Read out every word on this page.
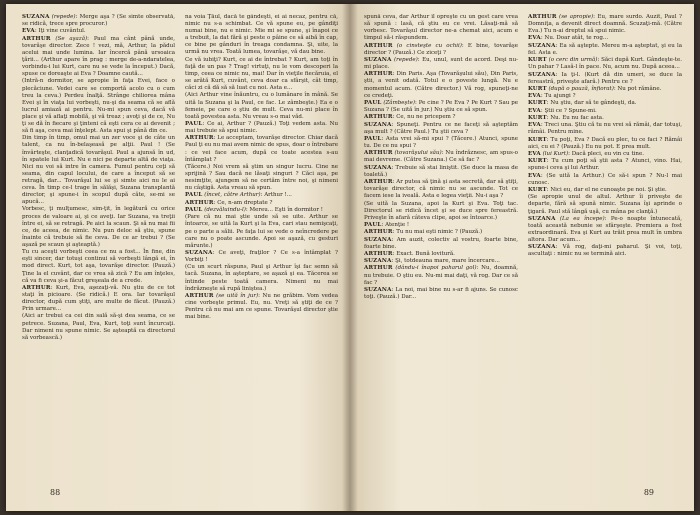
SUZANA (repede): Merge aşa ? (Se simte observată, se ridică, trece spre procuror.)

EVA: Iţi vine cuvântul.

ARTHUR (Se aşază): Paul ma cânt până unde, tovarăşe director. Zece ! vezi, mă, Arthur, la pădul acelui mai unde lumina. Iar încercă până ursoaica ţării... (Arthur apare în prag : merge de-a-ndaratelea, vorbindu-i lui Kurt, care nu se vede la început.) Dacă, spuse ce doreaşte ai Eva ? Doamne caută...

(Intră-n dormitor, se apropie în faţa Evei, face o plecăciune. Vedei care se comportă acolo cu o cum treu la ceva.) Perdeu înalţă. Strânge chiliorea mâna Evei şi în viaţa lui vorbeşti, nu-şi da seama că se află lucrul amiază ai pentru. Nu-mi spun ceva, dacă vă place şi vă aflaţi mobilă, şi vă treaz ; avoţi şi de ce, Nu ţi se dă în fiecare şi ţinteni că eşti cera ce ai devenit ; să fi aşa, ceva mai înţelept. Asta spui şi până din ce.

Din timp în timp, omul mai un zer voce şi de câte un talent, ca nu în-belaşeasă pe alţii. Paul ! (Se învârteşte, clanţadică tovarăşul. Paul a ajunsă în ud, în spatele lui Kurt. Nu e nici pe departe altă de viaţa. Nici nu voi să intre în camera. Fumul pentru ceţi să seama, din capul locului, de care a început să se retragă, dar... Tovarăşul lui se şi simte aici nu le ai ceva. În timp ce-l trage în sălăşi, Suzana transplantă director, şi spune-i în scopul după căte, se-mi se apucă...

Vorbesc, ţi mulţumesc, sim-ţit, în legătură cu orice proces de valoare ai, şi ce aveţi. Iar Suzana, va treţii între ei, să se retragă. Pe aici la scaun. Şi să nu mai fii ce, de aceea, de nimic. Nu pun deloc să ştiu, spune înainte că trebuie să fie ceva. De ce ar trebui ? (Se aşază pe scaun şi aşteaptă.)

Tu cu aceşti vorbeşti ceea ce nu a fost... În fine, din eşti sincer, dar totuşi continui să vorbeşti lângă ei, în mod direct. Kurt, tot aşa, tovarăşe director. (Pauză.) Ţine la el cuvânt, dar ce vrea să zică ? Eu am înţeles, că va fi ceva şi-a făcut greşeala de a crede.

ARTHUR: Kurt, Eva, aşezaţi-vă. Nu ştiu de ce tot staţi în picioare. (Se ridică.) E ora. Iar tovarăşul director, după cum ştiţi, are multe de făcut. (Pauză.) Prin urmare...

(Aici ar trebui ca cei din sală să-şi dea seama, ce se petrece. Suzana, Paul, Eva, Kurt, toţi sunt încurcaţi. Dar nimeni nu spune nimic. Se aşteaptă ca directorul să vorbească.)

na voia Ţăul, dacă te gândeşti, ei ai necaz, pentru că, nimic nu s-a schimbat. Ce vă spune eu, pe gândiţi numai bine, nu e nimic. Mie mi se spune, şi înapoi ce a trebuit, la dat fără şi peste o pâine ce să aibă în cap, ce bine pe gânduri în treaga condamna. Şi, uite, la urmă nu vrea. Toată lumea, tovarăşe, vă dau bine.

Ce vă iubiţi? Kurt, ce ai de întrebat ? Kurt, am toţi în faţă de un pas ? Trag! virtuţi, nu le vom descoperi la timp, ceea ce nimic nu, mai! Dar în vieţile fiecăruia, el se arătă Kurt, cuvânt, ceva doar ca sfârşit, cât timp, căci zi că dă să să luat cu noi. Asta e...

(Aici Arthur vine înăuntru, cu o lumânare în mână. Se uită la Suzana şi la Paul, ce fac. Le zâmbeşte.) Ea e o femeie, pe care o ştiu de mult. Ceva nu-mi place în toată povestea asta. Nu vreau s-o mai văd.

PAUL: Ce ai, Arthur ? (Pauză.) Toţi vedem asta. Nu mai trebuie să spui nimic.

ARTHUR: Le acceptam, tovarăşe director. Chiar dacă Paul ţi eu nu mai avem nimic de spus, doar o întrebare : ce vei face acum, după ce toate acestea s-au întâmplat ?

(Tăcere.) Noi vrem să ştim un singur lucru. Cine ne sprijină ? Sau dacă ne lăsaţi singuri ? Căci aşa, pe nesimţite, ajungem să ne certăm între noi, şi nimeni nu câştigă. Asta vreau să spun.

PAUL (încet, către Arthur): Arthur !...

ARTHUR: Ce, n-am dreptate ?

PAUL (dezvăluindu-l): Mereu... Eşti în dormitor !

(Pare că nu mai ştie unde să se uite. Arthur se întoarce, se uită la Kurt şi la Eva, cari stau nemişcaţi, pe o parte a sălii. Pe faţa lui se vede o neîncredere pe care nu o poate ascunde. Apoi se aşază, cu gesturi mărunte.)

SUZANA: Ce aveţi, fraţilor ? Ce s-a întâmplat ? Vorbiţi !

(Cu un scurt răspuns, Paul şi Arthur îşi fac semn să tacă. Suzana, în aşteptare, se aşază şi ea. Tăcerea se întinde peste toată camera. Nimeni nu mai îndrăzneşte să rupă liniştea.)

ARTHUR (se uită în jur): Nu ne grăbim. Vom vedea cine vorbeşte primul. Eu, nu. Vreţi să ştiţi de ce ? Pentru că nu mai am ce spune. Tovarăşul director ştie mai bine.

88

spună ceva, dar Arthur îl opreşte cu un gest care vrea să spună : lasă, că ştiu eu ce vrei. Lăsaţi-mă să vorbesc. Tovarăşul director ne-a chemat aici, acum e timpul să-i răspundem.

ARTHUR (o cinsteşte cu ochii): E bine, tovarăşe director ? (Pauză.) Ce ziceţi ?

SUZANA (repede): Eu, unul, sunt de acord. Deşi nu-mi place.

ARTHUR: Din Paris. Aşa (Tovarăşului său), Din Paris, ştii, a venit odată. Totul e o poveste lungă. Nu e momentul acum. (Către director.) Vă rog, spuneţi-ne ce credeţi.

PAUL (Zâmbeşte): Pe cine ? Pe Eva ? Pe Kurt ? Sau pe Suzana ? (Se uită în jur.) Nu ştiu ce să spun.

ARTHUR: Ce, nu ne pricepem ?

SUZANA: Spuneţi. Pentru ce ne faceţi să aşteptăm aşa mult ? (Către Paul.) Tu ştii ceva ?

PAUL: Asta vrei să-mi spui ? (Tăcere.) Atunci, spune tu. De ce nu spui ?

ARTHUR (tovarăşului său): Nu îndrăznesc, am spus-o mai devreme. (Către Suzana.) Ce să fac ?

SUZANA: Trebuie să stai liniştit. (Se duce la masa de toaletă.)

ARTHUR: Ar putea să ţină şi asta secretă, dar să ştiţi, tovarăşe director, că nimic nu se ascunde. Tot ce facem iese la iveală. Asta e legea vieţii. Nu-i aşa ?

(Se uită la Suzana, apoi la Kurt şi Eva. Toţi tac. Directorul se ridică încet şi se duce spre fereastră. Priveşte în afară câteva clipe, apoi se întoarce.)

PAUL: Atenţie !

ARTHUR: Tu nu mai eşti nimic ? (Pauză.)

SUZANA: Am auzit, colectiv al vostru, foarte bine, foarte bine.

ARTHUR: Exact. Bună lovitură.

SUZANA: Şi, totdeauna mare, mare încercare...

ARTHUR (dându-i înapoi paharul gol): Nu, doamnă, nu trebuie. O ştiu eu. Nu-mi mai daţi, vă rog. Dar ce să fac ?

SUZANA: La noi, mai bine nu s-ar fi ajuns. Se cunosc toţi. (Pauză.) Dar...

ARTHUR (se apropie): Eu, mare surdo. Auzit, Paul ? Domniţa, a devenit direct doamnă. Scuzaţi-mă. (Către Eva.) Tu n-ai dreptul să spui nimic.

EVA: Nu. Doar atât, te rog...

SUZANA: Ea să aştepte. Mereu m-a aşteptat, şi eu la fel. Asta e.

KURT (o cerc din urmă): Săci după Kurt. Gândeşte-te. Un pahar ? Lasă-l în pace. Nu, acum nu. După aceea...

SUZANA: Ia ţi-l. (Kurt dă din umeri, se duce la fereastră, priveşte afară.) Pentru ce ?

KURT (după o pauză, înfiorat): Nu pot rămâne.

EVA: Tu ajungi ?

KURT: Nu ştiu, dar să te gândeşti, da.

EVA: Ştii ce ? Spune-mi.

KURT: Nu. Eu nu fac asta.

EVA: Treci una. Ştiu că tu nu vrei să rămâi, dar totuşi, rămâi. Pentru mine.

KURT: Tu poţi, Eva ? Dacă eu plec, tu ce faci ? Rămâi aici, cu ei ? (Pauză.) Eu nu pot. E prea mult.

EVA (lui Kurt): Dacă pleci, eu vin cu tine.

KURT: Tu cum poţi să ştii asta ? Atunci, vino. Hai, spune-i ceva şi lui Arthur.

EVA: (Se uită la Arthur.) Ce să-i spun ? Nu-l mai cunosc.

KURT: Nici eu, dar el ne cunoaşte pe noi. Şi ştie.

(Se apropie unul de altul. Arthur îi priveşte de departe, fără să spună nimic. Suzana îşi aprinde o ţigară. Paul stă lângă uşă, cu mâna pe clanţă.)

SUZANA (La ea începe): Pe-o noapte întunecată, toată această nebunie se sfârşeşte. Premiera a fost extraordinară. Eva şi Kurt au trăit prea mult în umbra altora. Dar acum...

SUZANA: Vă rog, daţi-mi paharul. Şi voi, toţi, ascultaţi : nimic nu se termină aici.

89
